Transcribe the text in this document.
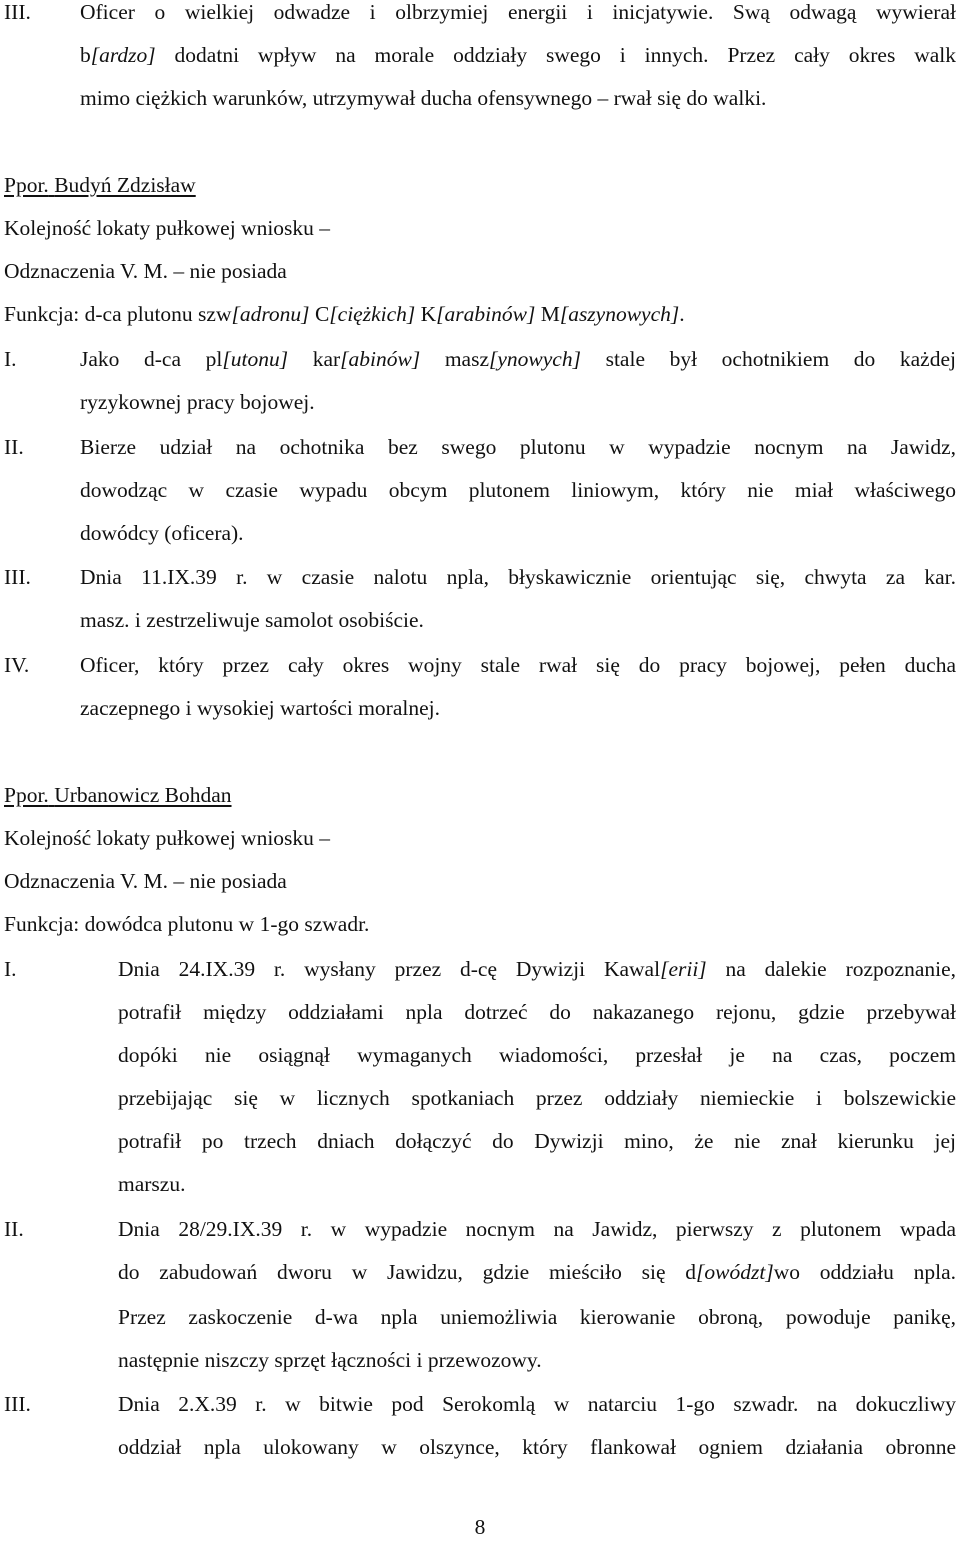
III. Oficer o wielkiej odwadze i olbrzymiej energii i inicjatywie. Swą odwagą wywierał
b[ardzo] dodatni wpływ na morale oddziały swego i innych. Przez cały okres walk
mimo ciężkich warunków, utrzymywał ducha ofensywnego – rwał się do walki.
Ppor. Budyń Zdzisław
Kolejność lokaty pułkowej wniosku –
Odznaczenia V. M. – nie posiada
Funkcja: d-ca plutonu szw[adronu] C[ciężkich] K[arabinów] M[aszynowych].
I.	Jako d-ca pl[utonu] kar[abinów] masz[ynowych] stale był ochotnikiem do każdej
ryzykownej pracy bojowej.
II.	Bierze udział na ochotnika bez swego plutonu w wypadzie nocnym na Jawidz,
dowodząc w czasie wypadu obcym plutonem liniowym, który nie miał właściwego
dowódcy (oficera).
III. Dnia 11.IX.39 r. w czasie nalotu npla, błyskawicznie orientując się, chwyta za kar.
masz. i zestrzeliwuje samolot osobiście.
IV. Oficer, który przez cały okres wojny stale rwał się do pracy bojowej, pełen ducha
zaczepnego i wysokiej wartości moralnej.
Ppor. Urbanowicz Bohdan
Kolejność lokaty pułkowej wniosku –
Odznaczenia V. M. – nie posiada
Funkcja: dowódca plutonu w 1-go szwadr.
I.	Dnia 24.IX.39 r. wysłany przez d-cę Dywizji Kawal[erii] na dalekie rozpoznanie,
potrafił między oddziałami npla dotrzeć do nakazanego rejonu, gdzie przebywał
dopóki nie osiągnął wymaganych wiadomości, przesłał je na czas, poczem
przebijając się w licznych spotkaniach przez oddziały niemieckie i bolszewickie
potrafił po trzech dniach dołączyć do Dywizji mino, że nie znał kierunku jej
marszu.
II.	Dnia 28/29.IX.39 r. w wypadzie nocnym na Jawidz, pierwszy z plutonem wpada
do zabudowań dworu w Jawidzu, gdzie mieściło się d[owództ]wo oddziału npla.
Przez zaskoczenie d-wa npla uniemożliwia kierowanie obroną, powoduje panikę,
następnie niszczy sprzęt łączności i przewozowy.
III.	Dnia 2.X.39 r. w bitwie pod Serokomlą w natarciu 1-go szwadr. na dokuczliwy
oddział npla ulokowany w olszynce, który flankował ogniem działania obronne
8
